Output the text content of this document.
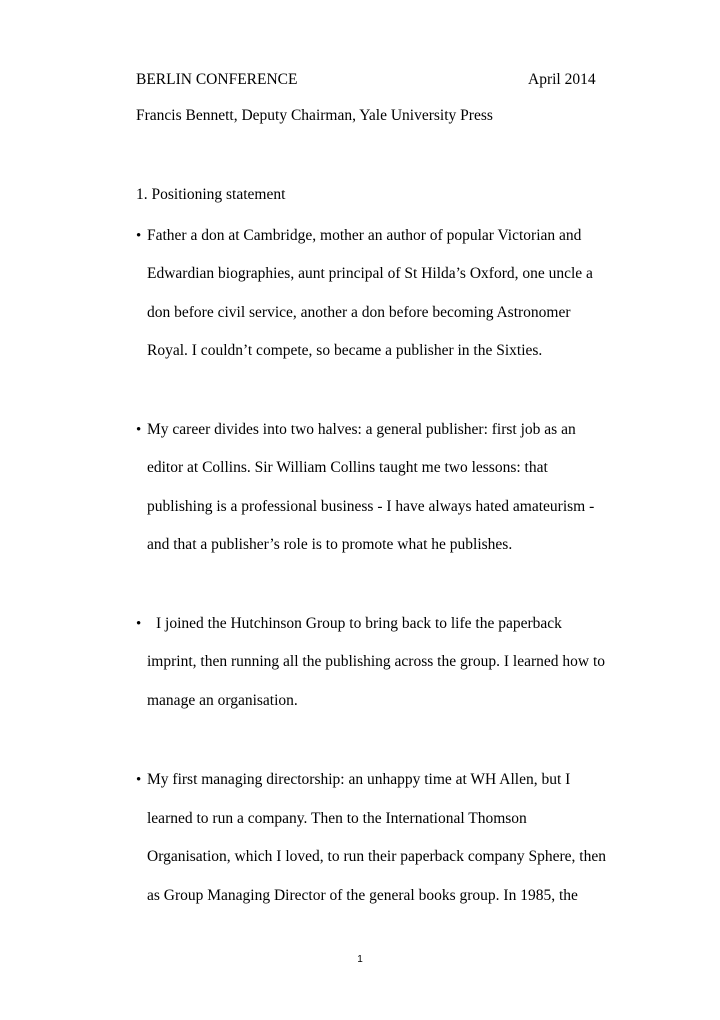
BERLIN CONFERENCE	April 2014
Francis Bennett, Deputy Chairman, Yale University Press
1. Positioning statement
• Father a don at Cambridge, mother an author of popular Victorian and
Edwardian biographies, aunt principal of St Hilda’s Oxford, one uncle a
don before civil service, another a don before becoming Astronomer
Royal. I couldn’t compete, so became a publisher in the Sixties.
• My career divides into two halves: a general publisher: first job as an
editor at Collins. Sir William Collins taught me two lessons: that
publishing is a professional business - I have always hated amateurism -
and that a publisher’s role is to promote what he publishes.
• I joined the Hutchinson Group to bring back to life the paperback
imprint, then running all the publishing across the group. I learned how to
manage an organisation.
• My first managing directorship: an unhappy time at WH Allen, but I
learned to run a company. Then to the International Thomson
Organisation, which I loved, to run their paperback company Sphere, then
as Group Managing Director of the general books group. In 1985, the
1
